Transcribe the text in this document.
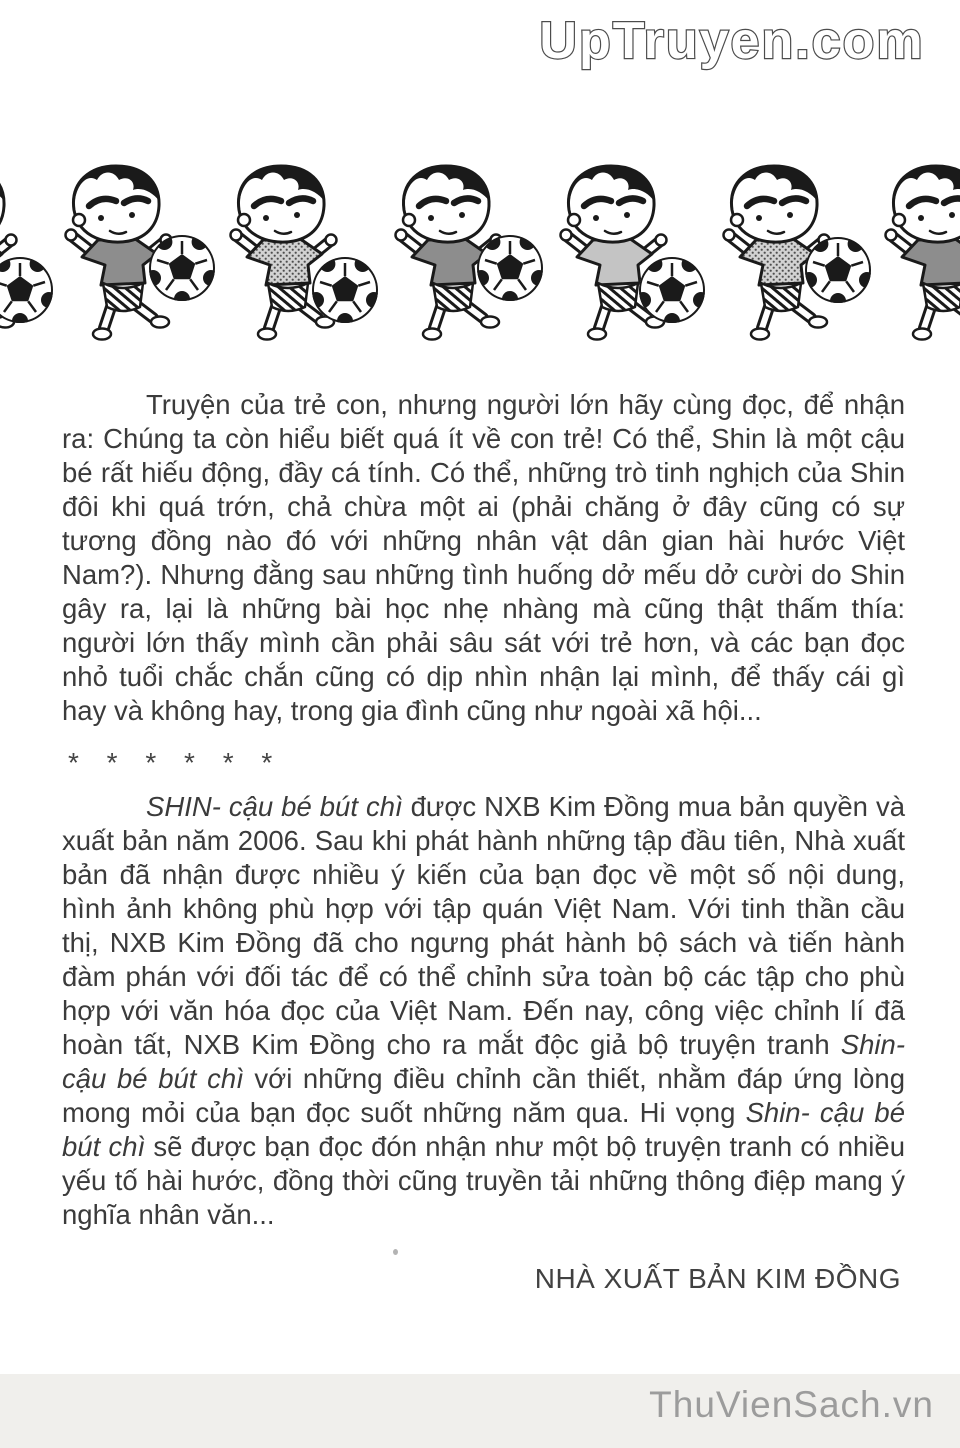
UpTruyen.com

Truyện của trẻ con, nhưng người lớn hãy cùng đọc, để nhận ra: Chúng ta còn hiểu biết quá ít về con trẻ! Có thể, Shin là một cậu bé rất hiếu động, đầy cá tính. Có thể, những trò tinh nghịch của Shin đôi khi quá trớn, chả chừa một ai (phải chăng ở đây cũng có sự tương đồng nào đó với những nhân vật dân gian hài hước Việt Nam?). Nhưng đằng sau những tình huống dở mếu dở cười do Shin gây ra, lại là những bài học nhẹ nhàng mà cũng thật thấm thía: người lớn thấy mình cần phải sâu sát với trẻ hơn, và các bạn đọc nhỏ tuổi chắc chắn cũng có dịp nhìn nhận lại mình, để thấy cái gì hay và không hay, trong gia đình cũng như ngoài xã hội...

* * * * * *

SHIN- cậu bé bút chì được NXB Kim Đồng mua bản quyền và xuất bản năm 2006. Sau khi phát hành những tập đầu tiên, Nhà xuất bản đã nhận được nhiều ý kiến của bạn đọc về một số nội dung, hình ảnh không phù hợp với tập quán Việt Nam. Với tinh thần cầu thị, NXB Kim Đồng đã cho ngưng phát hành bộ sách và tiến hành đàm phán với đối tác để có thể chỉnh sửa toàn bộ các tập cho phù hợp với văn hóa đọc của Việt Nam. Đến nay, công việc chỉnh lí đã hoàn tất, NXB Kim Đồng cho ra mắt độc giả bộ truyện tranh Shin- cậu bé bút chì với những điều chỉnh cần thiết, nhằm đáp ứng lòng mong mỏi của bạn đọc suốt những năm qua. Hi vọng Shin- cậu bé bút chì sẽ được bạn đọc đón nhận như một bộ truyện tranh có nhiều yếu tố hài hước, đồng thời cũng truyền tải những thông điệp mang ý nghĩa nhân văn...

NHÀ XUẤT BẢN KIM ĐỒNG

ThuVienSach.vn
